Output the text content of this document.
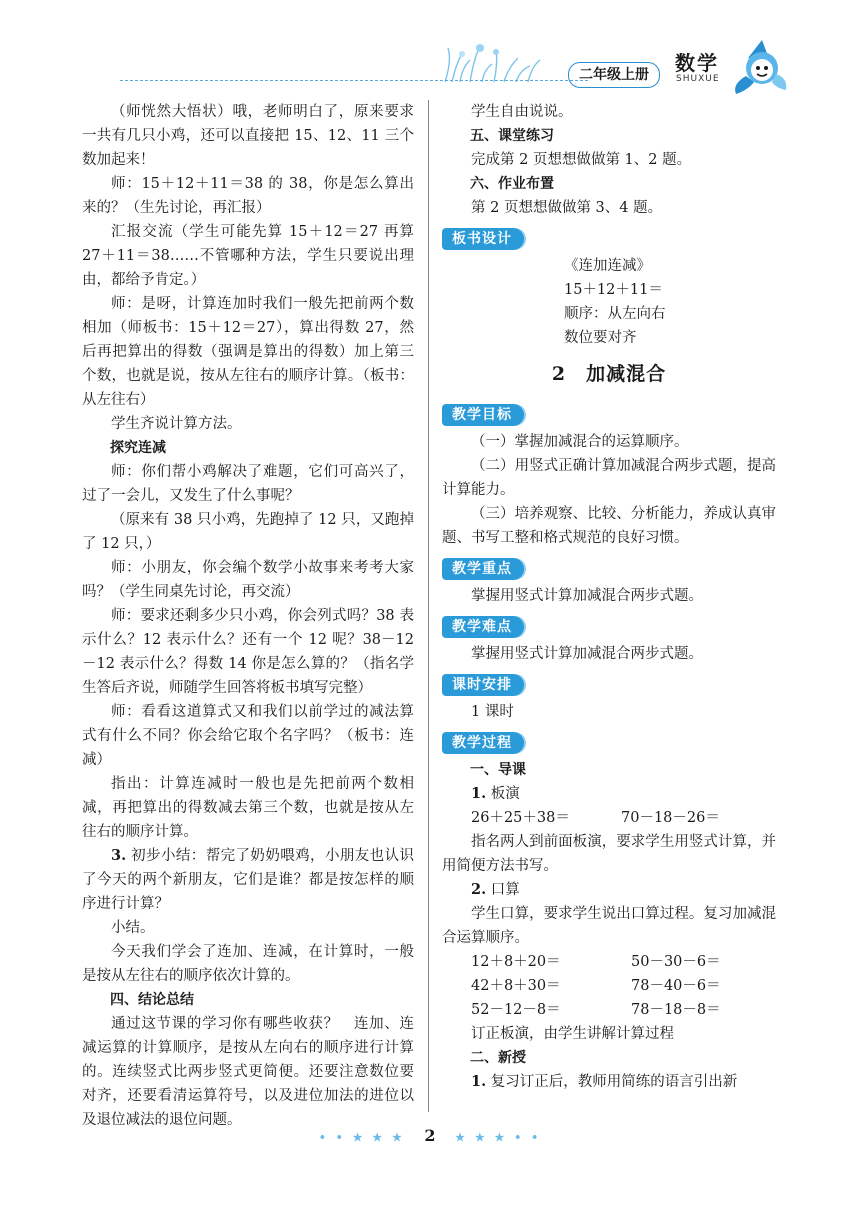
二年级上册	数学
SHUXUE

（师恍然大悟状）哦，老师明白了，原来要求一共有几只小鸡，还可以直接把 15、12、11 三个数加起来！

师：15＋12＋11＝38 的 38，你是怎么算出来的？（生先讨论，再汇报）

汇报交流（学生可能先算 15＋12＝27 再算 27＋11＝38……不管哪种方法，学生只要说出理由，都给予肯定。）

师：是呀，计算连加时我们一般先把前两个数相加（师板书：15＋12＝27），算出得数 27，然后再把算出的得数（强调是算出的得数）加上第三个数，也就是说，按从左往右的顺序计算。（板书：从左往右）

学生齐说计算方法。

探究连减

师：你们帮小鸡解决了难题，它们可高兴了，过了一会儿，又发生了什么事呢？

（原来有 38 只小鸡，先跑掉了 12 只，又跑掉了 12 只，）

师：小朋友，你会编个数学小故事来考考大家吗？（学生同桌先讨论，再交流）

师：要求还剩多少只小鸡，你会列式吗？38 表示什么？12 表示什么？还有一个 12 呢？38－12－12 表示什么？得数 14 你是怎么算的？（指名学生答后齐说，师随学生回答将板书填写完整）

师：看看这道算式又和我们以前学过的减法算式有什么不同？你会给它取个名字吗？（板书：连减）

指出：计算连减时一般也是先把前两个数相减，再把算出的得数减去第三个数，也就是按从左往右的顺序计算。

3. 初步小结：帮完了奶奶喂鸡，小朋友也认识了今天的两个新朋友，它们是谁？都是按怎样的顺序进行计算？

小结。

今天我们学会了连加、连减，在计算时，一般是按从左往右的顺序依次计算的。

四、结论总结

通过这节课的学习你有哪些收获？　连加、连减运算的计算顺序，是按从左向右的顺序进行计算的。连续竖式比两步竖式更简便。还要注意数位要对齐，还要看清运算符号，以及进位加法的进位以及退位减法的退位问题。

学生自由说说。

五、课堂练习

完成第 2 页想想做做第 1、2 题。

六、作业布置

第 2 页想想做做第 3、4 题。

板书设计

《连加连减》

15＋12＋11＝

顺序：从左向右

数位要对齐

2　加减混合
教学目标

（一）掌握加减混合的运算顺序。

（二）用竖式正确计算加减混合两步式题，提高计算能力。

（三）培养观察、比较、分析能力，养成认真审题、书写工整和格式规范的良好习惯。

教学重点

掌握用竖式计算加减混合两步式题。

教学难点

掌握用竖式计算加减混合两步式题。

课时安排

1 课时

教学过程

一、导课

1. 板演

26＋25＋38＝	70－18－26＝

指名两人到前面板演，要求学生用竖式计算，并用简便方法书写。

2. 口算

学生口算，要求学生说出口算过程。复习加减混合运算顺序。

12＋8＋20＝	50－30－6＝

42＋8＋30＝	78－40－6＝

52－12－8＝	78－18－8＝

订正板演，由学生讲解计算过程

二、新授

1. 复习订正后，教师用简练的语言引出新

• • ★ ★ ★ 2 ★ ★ ★ • •
